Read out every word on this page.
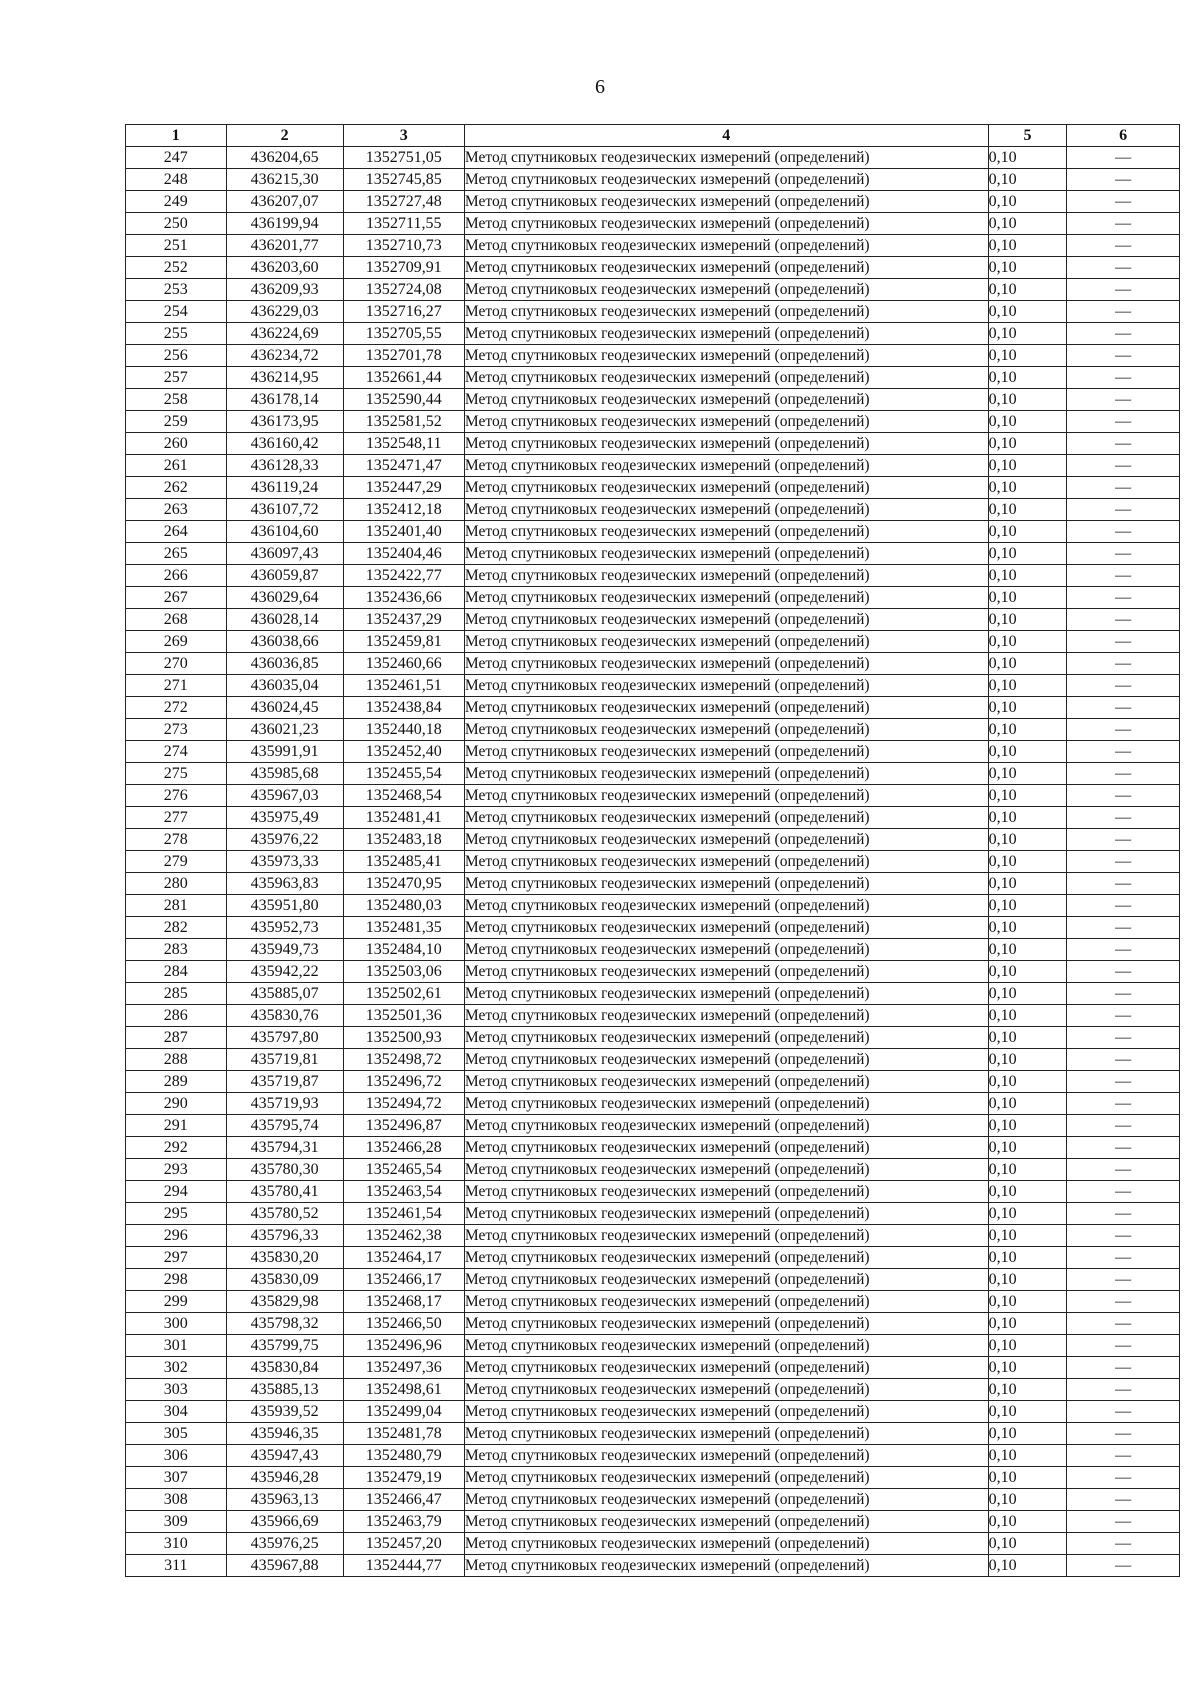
6
1	2	3	4	5	6
247	436204,65	1352751,05	Метод спутниковых геодезических измерений (определений)	0,10	—
248	436215,30	1352745,85	Метод спутниковых геодезических измерений (определений)	0,10	—
249	436207,07	1352727,48	Метод спутниковых геодезических измерений (определений)	0,10	—
250	436199,94	1352711,55	Метод спутниковых геодезических измерений (определений)	0,10	—
251	436201,77	1352710,73	Метод спутниковых геодезических измерений (определений)	0,10	—
252	436203,60	1352709,91	Метод спутниковых геодезических измерений (определений)	0,10	—
253	436209,93	1352724,08	Метод спутниковых геодезических измерений (определений)	0,10	—
254	436229,03	1352716,27	Метод спутниковых геодезических измерений (определений)	0,10	—
255	436224,69	1352705,55	Метод спутниковых геодезических измерений (определений)	0,10	—
256	436234,72	1352701,78	Метод спутниковых геодезических измерений (определений)	0,10	—
257	436214,95	1352661,44	Метод спутниковых геодезических измерений (определений)	0,10	—
258	436178,14	1352590,44	Метод спутниковых геодезических измерений (определений)	0,10	—
259	436173,95	1352581,52	Метод спутниковых геодезических измерений (определений)	0,10	—
260	436160,42	1352548,11	Метод спутниковых геодезических измерений (определений)	0,10	—
261	436128,33	1352471,47	Метод спутниковых геодезических измерений (определений)	0,10	—
262	436119,24	1352447,29	Метод спутниковых геодезических измерений (определений)	0,10	—
263	436107,72	1352412,18	Метод спутниковых геодезических измерений (определений)	0,10	—
264	436104,60	1352401,40	Метод спутниковых геодезических измерений (определений)	0,10	—
265	436097,43	1352404,46	Метод спутниковых геодезических измерений (определений)	0,10	—
266	436059,87	1352422,77	Метод спутниковых геодезических измерений (определений)	0,10	—
267	436029,64	1352436,66	Метод спутниковых геодезических измерений (определений)	0,10	—
268	436028,14	1352437,29	Метод спутниковых геодезических измерений (определений)	0,10	—
269	436038,66	1352459,81	Метод спутниковых геодезических измерений (определений)	0,10	—
270	436036,85	1352460,66	Метод спутниковых геодезических измерений (определений)	0,10	—
271	436035,04	1352461,51	Метод спутниковых геодезических измерений (определений)	0,10	—
272	436024,45	1352438,84	Метод спутниковых геодезических измерений (определений)	0,10	—
273	436021,23	1352440,18	Метод спутниковых геодезических измерений (определений)	0,10	—
274	435991,91	1352452,40	Метод спутниковых геодезических измерений (определений)	0,10	—
275	435985,68	1352455,54	Метод спутниковых геодезических измерений (определений)	0,10	—
276	435967,03	1352468,54	Метод спутниковых геодезических измерений (определений)	0,10	—
277	435975,49	1352481,41	Метод спутниковых геодезических измерений (определений)	0,10	—
278	435976,22	1352483,18	Метод спутниковых геодезических измерений (определений)	0,10	—
279	435973,33	1352485,41	Метод спутниковых геодезических измерений (определений)	0,10	—
280	435963,83	1352470,95	Метод спутниковых геодезических измерений (определений)	0,10	—
281	435951,80	1352480,03	Метод спутниковых геодезических измерений (определений)	0,10	—
282	435952,73	1352481,35	Метод спутниковых геодезических измерений (определений)	0,10	—
283	435949,73	1352484,10	Метод спутниковых геодезических измерений (определений)	0,10	—
284	435942,22	1352503,06	Метод спутниковых геодезических измерений (определений)	0,10	—
285	435885,07	1352502,61	Метод спутниковых геодезических измерений (определений)	0,10	—
286	435830,76	1352501,36	Метод спутниковых геодезических измерений (определений)	0,10	—
287	435797,80	1352500,93	Метод спутниковых геодезических измерений (определений)	0,10	—
288	435719,81	1352498,72	Метод спутниковых геодезических измерений (определений)	0,10	—
289	435719,87	1352496,72	Метод спутниковых геодезических измерений (определений)	0,10	—
290	435719,93	1352494,72	Метод спутниковых геодезических измерений (определений)	0,10	—
291	435795,74	1352496,87	Метод спутниковых геодезических измерений (определений)	0,10	—
292	435794,31	1352466,28	Метод спутниковых геодезических измерений (определений)	0,10	—
293	435780,30	1352465,54	Метод спутниковых геодезических измерений (определений)	0,10	—
294	435780,41	1352463,54	Метод спутниковых геодезических измерений (определений)	0,10	—
295	435780,52	1352461,54	Метод спутниковых геодезических измерений (определений)	0,10	—
296	435796,33	1352462,38	Метод спутниковых геодезических измерений (определений)	0,10	—
297	435830,20	1352464,17	Метод спутниковых геодезических измерений (определений)	0,10	—
298	435830,09	1352466,17	Метод спутниковых геодезических измерений (определений)	0,10	—
299	435829,98	1352468,17	Метод спутниковых геодезических измерений (определений)	0,10	—
300	435798,32	1352466,50	Метод спутниковых геодезических измерений (определений)	0,10	—
301	435799,75	1352496,96	Метод спутниковых геодезических измерений (определений)	0,10	—
302	435830,84	1352497,36	Метод спутниковых геодезических измерений (определений)	0,10	—
303	435885,13	1352498,61	Метод спутниковых геодезических измерений (определений)	0,10	—
304	435939,52	1352499,04	Метод спутниковых геодезических измерений (определений)	0,10	—
305	435946,35	1352481,78	Метод спутниковых геодезических измерений (определений)	0,10	—
306	435947,43	1352480,79	Метод спутниковых геодезических измерений (определений)	0,10	—
307	435946,28	1352479,19	Метод спутниковых геодезических измерений (определений)	0,10	—
308	435963,13	1352466,47	Метод спутниковых геодезических измерений (определений)	0,10	—
309	435966,69	1352463,79	Метод спутниковых геодезических измерений (определений)	0,10	—
310	435976,25	1352457,20	Метод спутниковых геодезических измерений (определений)	0,10	—
311	435967,88	1352444,77	Метод спутниковых геодезических измерений (определений)	0,10	—
